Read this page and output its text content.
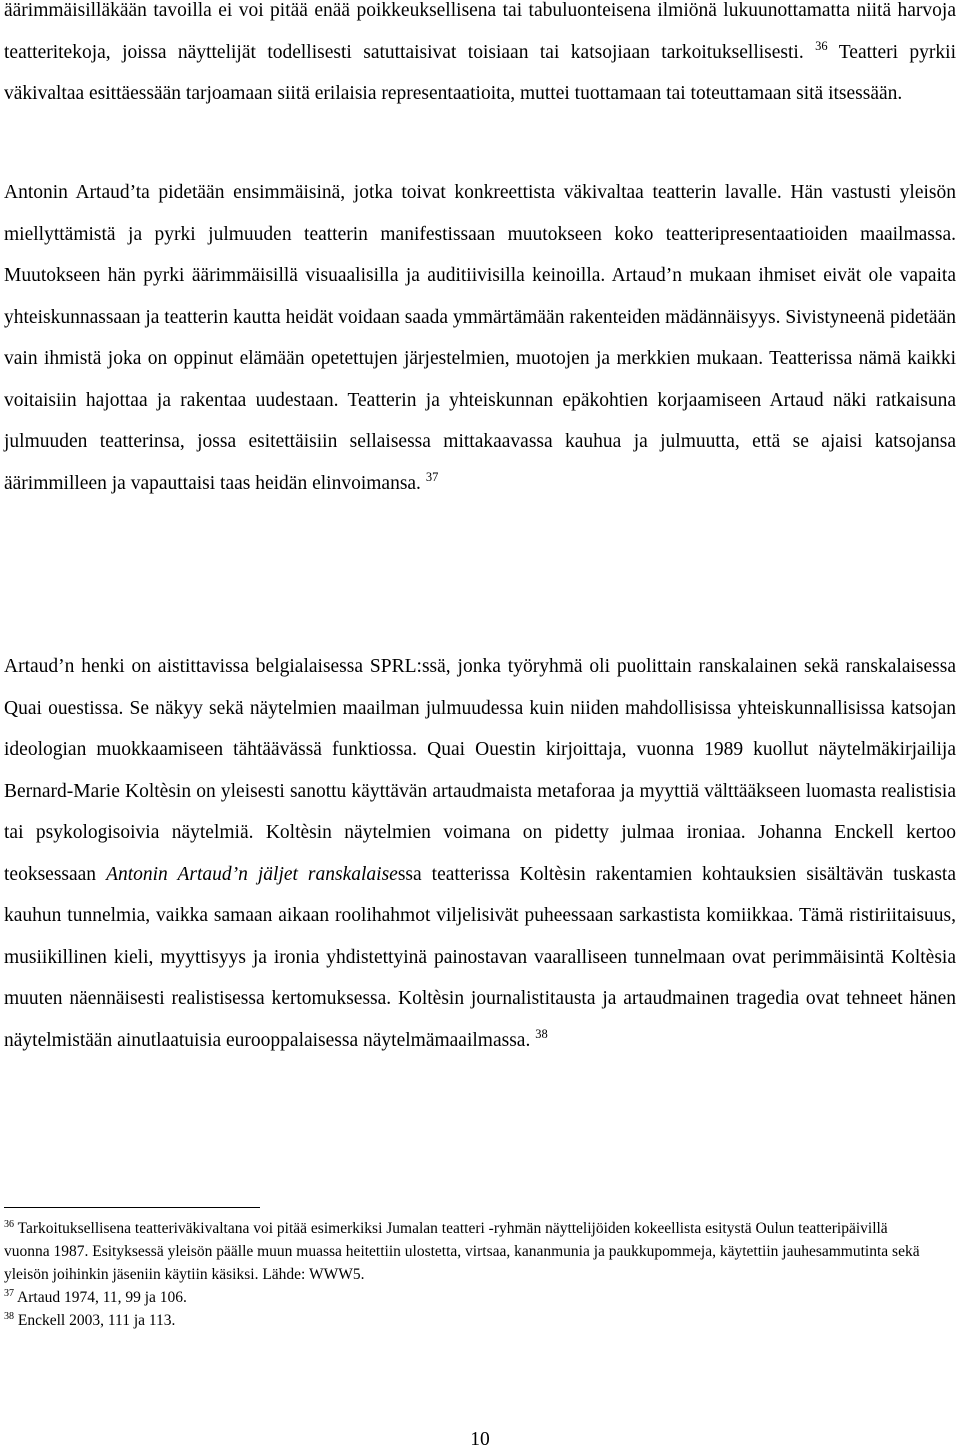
äärimmäisilläkään tavoilla ei voi pitää enää poikkeuksellisena tai tabuluonteisena ilmiönä lukuunottamatta niitä harvoja teatteritekoja, joissa näyttelijät todellisesti satuttaisivat toisiaan tai katsojiaan tarkoituksellisesti. $^{36}$ Teatteri pyrkii väkivaltaa esittäessään tarjoamaan siitä erilaisia representaatioita, muttei tuottamaan tai toteuttamaan sitä itsessään.

Antonin Artaud’ta pidetään ensimmäisinä, jotka toivat konkreettista väkivaltaa teatterin lavalle. Hän vastusti yleisön miellyttämistä ja pyrki julmuuden teatterin manifestissaan muutokseen koko teatteripresentaatioiden maailmassa. Muutokseen hän pyrki äärimmäisillä visuaalisilla ja auditiivisilla keinoilla. Artaud’n mukaan ihmiset eivät ole vapaita yhteiskunnassaan ja teatterin kautta heidät voidaan saada ymmärtämään rakenteiden mädännäisyys. Sivistyneenä pidetään vain ihmistä joka on oppinut elämään opetettujen järjestelmien, muotojen ja merkkien mukaan. Teatterissa nämä kaikki voitaisiin hajottaa ja rakentaa uudestaan. Teatterin ja yhteiskunnan epäkohtien korjaamiseen Artaud näki ratkaisuna julmuuden teatterinsa, jossa esitettäisiin sellaisessa mittakaavassa kauhua ja julmuutta, että se ajaisi katsojansa äärimmilleen ja vapauttaisi taas heidän elinvoimansa. $^{37}$

Artaud’n henki on aistittavissa belgialaisessa SPRL:ssä, jonka työryhmä oli puolittain ranskalainen sekä ranskalaisessa Quai ouestissa. Se näkyy sekä näytelmien maailman julmuudessa kuin niiden mahdollisissa yhteiskunnallisissa katsojan ideologian muokkaamiseen tähtäävässä funktiossa. Quai Ouestin kirjoittaja, vuonna 1989 kuollut näytelmäkirjailija Bernard-Marie Koltèsin on yleisesti sanottu käyttävän artaudmaista metaforaa ja myyttiä välttääkseen luomasta realistisia tai psykologisoivia näytelmiä. Koltèsin näytelmien voimana on pidetty julmaa ironiaa. Johanna Enckell kertoo teoksessaan Antonin Artaud’n jäljet ranskalaisessa teatterissa Koltèsin rakentamien kohtauksien sisältävän tuskasta kauhun tunnelmia, vaikka samaan aikaan roolihahmot viljelisivät puheessaan sarkastista komiikkaa. Tämä ristiriitaisuus, musiikillinen kieli, myyttisyys ja ironia yhdistettyinä painostavan vaaralliseen tunnelmaan ovat perimmäisintä Koltèsia muuten näennäisesti realistisessa kertomuksessa. Koltèsin journalistitausta ja artaudmainen tragedia ovat tehneet hänen näytelmistään ainutlaatuisia eurooppalaisessa näytelmämaailmassa. $^{38}$

$^{36}$ Tarkoituksellisena teatteriväkivaltana voi pitää esimerkiksi Jumalan teatteri -ryhmän näyttelijöiden kokeellista esitystä Oulun teatteripäivillä vuonna 1987. Esityksessä yleisön päälle muun muassa heitettiin ulostetta, virtsaa, kananmunia ja paukkupommeja, käytettiin jauhesammutinta sekä yleisön joihinkin jäseniin käytiin käsiksi. Lähde: WWW5.

$^{37}$ Artaud 1974, 11, 99 ja 106.

$^{38}$ Enckell 2003, 111 ja 113.

10
